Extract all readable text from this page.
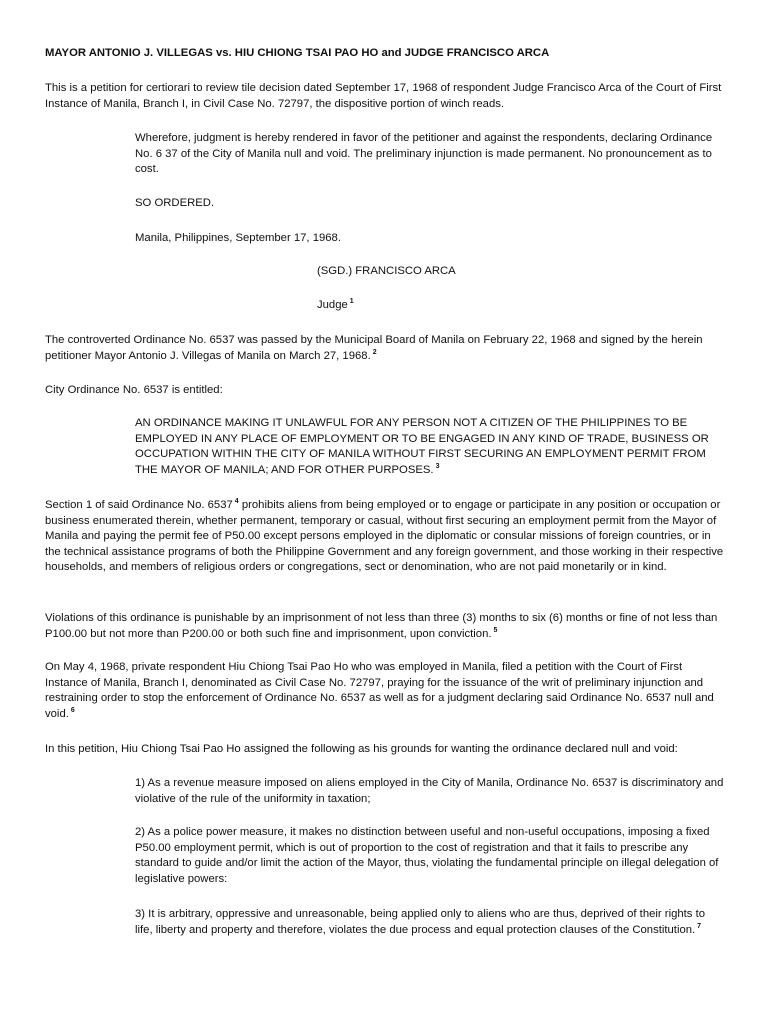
MAYOR ANTONIO J. VILLEGAS vs. HIU CHIONG TSAI PAO HO and JUDGE FRANCISCO ARCA

This is a petition for certiorari to review tile decision dated September 17, 1968 of respondent Judge Francisco Arca of the Court of First Instance of Manila, Branch I, in Civil Case No. 72797, the dispositive portion of winch reads.

Wherefore, judgment is hereby rendered in favor of the petitioner and against the respondents, declaring Ordinance No. 6 37 of the City of Manila null and void. The preliminary injunction is made permanent. No pronouncement as to cost.

SO ORDERED.

Manila, Philippines, September 17, 1968.

(SGD.) FRANCISCO ARCA

Judge $^1$

The controverted Ordinance No. 6537 was passed by the Municipal Board of Manila on February 22, 1968 and signed by the herein petitioner Mayor Antonio J. Villegas of Manila on March 27, 1968. $^2$

City Ordinance No. 6537 is entitled:

AN ORDINANCE MAKING IT UNLAWFUL FOR ANY PERSON NOT A CITIZEN OF THE PHILIPPINES TO BE EMPLOYED IN ANY PLACE OF EMPLOYMENT OR TO BE ENGAGED IN ANY KIND OF TRADE, BUSINESS OR OCCUPATION WITHIN THE CITY OF MANILA WITHOUT FIRST SECURING AN EMPLOYMENT PERMIT FROM THE MAYOR OF MANILA; AND FOR OTHER PURPOSES. $^3$

Section 1 of said Ordinance No. 6537 $^4$ prohibits aliens from being employed or to engage or participate in any position or occupation or business enumerated therein, whether permanent, temporary or casual, without first securing an employment permit from the Mayor of Manila and paying the permit fee of P50.00 except persons employed in the diplomatic or consular missions of foreign countries, or in the technical assistance programs of both the Philippine Government and any foreign government, and those working in their respective households, and members of religious orders or congregations, sect or denomination, who are not paid monetarily or in kind.

Violations of this ordinance is punishable by an imprisonment of not less than three (3) months to six (6) months or fine of not less than P100.00 but not more than P200.00 or both such fine and imprisonment, upon conviction. $^5$

On May 4, 1968, private respondent Hiu Chiong Tsai Pao Ho who was employed in Manila, filed a petition with the Court of First Instance of Manila, Branch I, denominated as Civil Case No. 72797, praying for the issuance of the writ of preliminary injunction and restraining order to stop the enforcement of Ordinance No. 6537 as well as for a judgment declaring said Ordinance No. 6537 null and void. $^6$

In this petition, Hiu Chiong Tsai Pao Ho assigned the following as his grounds for wanting the ordinance declared null and void:

1) As a revenue measure imposed on aliens employed in the City of Manila, Ordinance No. 6537 is discriminatory and violative of the rule of the uniformity in taxation;

2) As a police power measure, it makes no distinction between useful and non-useful occupations, imposing a fixed P50.00 employment permit, which is out of proportion to the cost of registration and that it fails to prescribe any standard to guide and/or limit the action of the Mayor, thus, violating the fundamental principle on illegal delegation of legislative powers:

3) It is arbitrary, oppressive and unreasonable, being applied only to aliens who are thus, deprived of their rights to life, liberty and property and therefore, violates the due process and equal protection clauses of the Constitution. $^7$
